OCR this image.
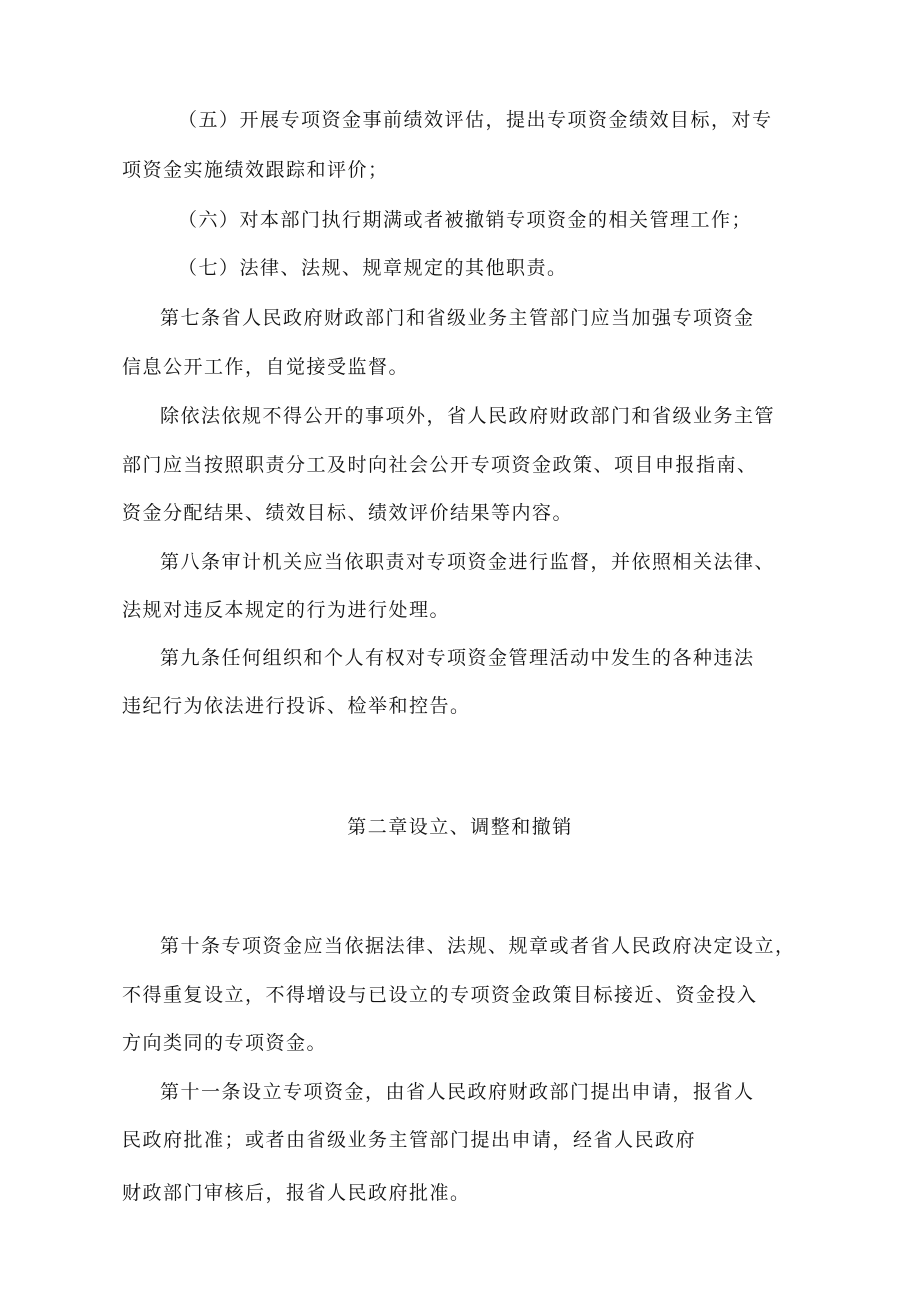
（五）开展专项资金事前绩效评估，提出专项资金绩效目标，对专
项资金实施绩效跟踪和评价；
（六）对本部门执行期满或者被撤销专项资金的相关管理工作；
（七）法律、法规、规章规定的其他职责。
第七条省人民政府财政部门和省级业务主管部门应当加强专项资金
信息公开工作，自觉接受监督。
除依法依规不得公开的事项外，省人民政府财政部门和省级业务主管
部门应当按照职责分工及时向社会公开专项资金政策、项目申报指南、
资金分配结果、绩效目标、绩效评价结果等内容。
第八条审计机关应当依职责对专项资金进行监督，并依照相关法律、
法规对违反本规定的行为进行处理。
第九条任何组织和个人有权对专项资金管理活动中发生的各种违法
违纪行为依法进行投诉、检举和控告。
第二章设立、调整和撤销
第十条专项资金应当依据法律、法规、规章或者省人民政府决定设立，
不得重复设立，不得增设与已设立的专项资金政策目标接近、资金投入
方向类同的专项资金。
第十一条设立专项资金，由省人民政府财政部门提出申请，报省人
民政府批准；或者由省级业务主管部门提出申请，经省人民政府
财政部门审核后，报省人民政府批准。
